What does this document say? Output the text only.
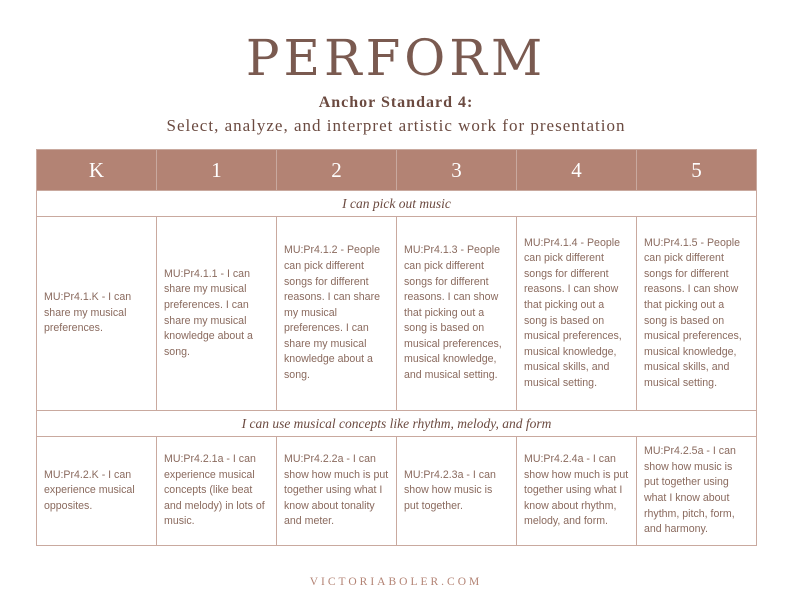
PERFORM
Anchor Standard 4:
Select, analyze, and interpret artistic work for presentation
K	1	2	3	4	5
I can pick out music					
MU:Pr4.1.K - I can share my musical preferences.	MU:Pr4.1.1 - I can share my musical preferences. I can share my musical knowledge about a song.	MU:Pr4.1.2 - People can pick different songs for different reasons. I can share my musical preferences. I can share my musical knowledge about a song.	MU:Pr4.1.3 - People can pick different songs for different reasons. I can show that picking out a song is based on musical preferences, musical knowledge, and musical setting.	MU:Pr4.1.4 - People can pick different songs for different reasons. I can show that picking out a song is based on musical preferences, musical knowledge, musical skills, and musical setting.	MU:Pr4.1.5 - People can pick different songs for different reasons. I can show that picking out a song is based on musical preferences, musical knowledge, musical skills, and musical setting.
I can use musical concepts like rhythm, melody, and form					
MU:Pr4.2.K - I can experience musical opposites.	MU:Pr4.2.1a - I can experience musical concepts (like beat and melody) in lots of music.	MU:Pr4.2.2a - I can show how much is put together using what I know about tonality and meter.	MU:Pr4.2.3a - I can show how music is put together.	MU:Pr4.2.4a - I can show how much is put together using what I know about rhythm, melody, and form.	MU:Pr4.2.5a - I can show how music is put together using what I know about rhythm, pitch, form, and harmony.
VICTORIABOLER.COM
